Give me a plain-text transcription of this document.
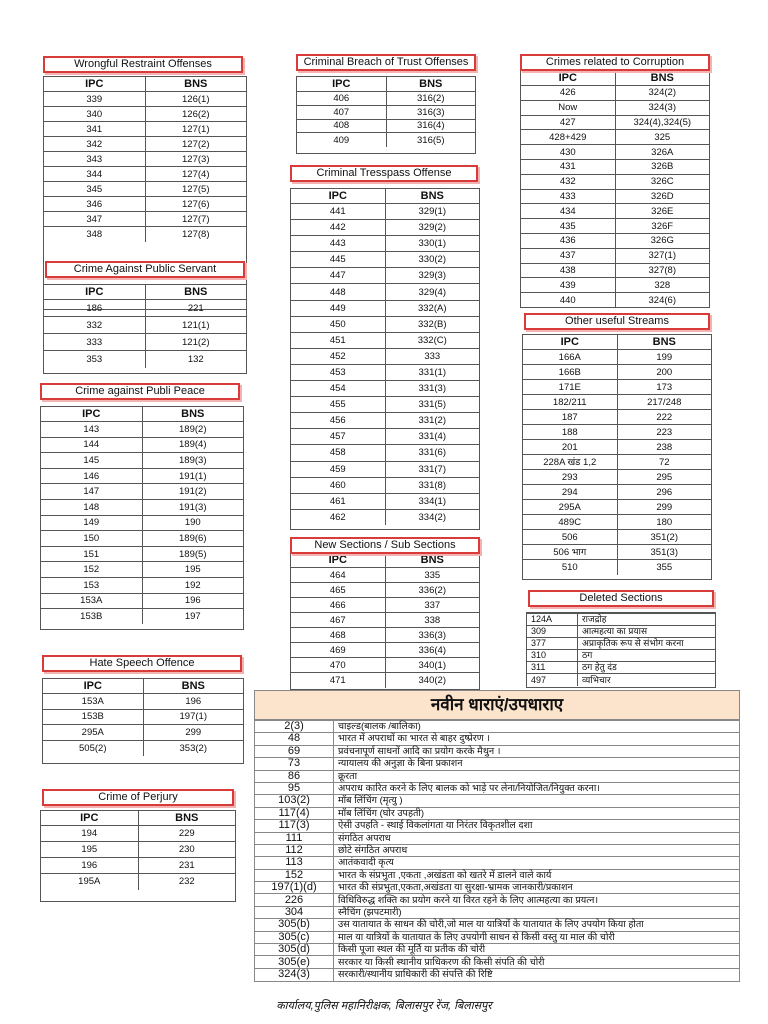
IPC	BNS
339	126(1)
340	126(2)
341	127(1)
342	127(2)
343	127(3)
344	127(4)
345	127(5)
346	127(6)
347	127(7)
348	127(8)
Wrongful Restraint Offenses
IPC	BNS
186	221
332	121(1)
333	121(2)
353	132
Crime Against Public Servant
IPC	BNS
143	189(2)
144	189(4)
145	189(3)
146	191(1)
147	191(2)
148	191(3)
149	190
150	189(6)
151	189(5)
152	195
153	192
153A	196
153B	197
Crime against Publi Peace
IPC	BNS
153A	196
153B	197(1)
295A	299
505(2)	353(2)
Hate Speech Offence
IPC	BNS
194	229
195	230
196	231
195A	232
Crime of Perjury
IPC	BNS
406	316(2)
407	316(3)
408	316(4)
409	316(5)
Criminal Breach of Trust Offenses
IPC	BNS
441	329(1)
442	329(2)
443	330(1)
445	330(2)
447	329(3)
448	329(4)
449	332(A)
450	332(B)
451	332(C)
452	333
453	331(1)
454	331(3)
455	331(5)
456	331(2)
457	331(4)
458	331(6)
459	331(7)
460	331(8)
461	334(1)
462	334(2)
Criminal Tresspass Offense
IPC	BNS
464	335
465	336(2)
466	337
467	338
468	336(3)
469	336(4)
470	340(1)
471	340(2)
New Sections / Sub Sections
IPC	BNS
426	324(2)
Now	324(3)
427	324(4),324(5)
428+429	325
430	326A
431	326B
432	326C
433	326D
434	326E
435	326F
436	326G
437	327(1)
438	327(8)
439	328
440	324(6)
Crimes related to Corruption
IPC	BNS
166A	199
166B	200
171E	173
182/211	217/248
187	222
188	223
201	238
228A खंड 1,2	72
293	295
294	296
295A	299
489C	180
506	351(2)
506 भाग	351(3)
510	355
Other useful Streams
124A	राजद्रोह
309	आत्महत्या का प्रयास
377	अप्राकृतिक रूप से संभोग करना
310	ठग
311	ठग हेतु दंड
497	व्यभिचार
Deleted Sections
नवीन धाराएं/उपधाराए
2(3)	चाइल्ड(बालक /बालिका)
48	भारत में अपराधों का भारत से बाहर दुष्प्रेरण ।
69	प्रवंचनापूर्ण साधनों आदि का प्रयोग करके मैथुन ।
73	न्यायालय की अनुज्ञा के बिना प्रकाशन
86	क्रूरता
95	अपराध कारित करने के लिए बालक को भाड़े पर लेना/नियोजित/नियुक्त करना।
103(2)	मॉब लिंचिंग (मृत्यु )
117(4)	मॉब लिंचिंग (घोर उपहती)
117(3)	ऐसी उपहति - स्थाई विकलांगता या निरंतर विकृतशील दशा
111	संगठित अपराध
112	छोटे संगठित अपराध
113	आतंकवादी कृत्य
152	भारत के संप्रभुता ,एकता ,अखंडता को खतरे में डालने वाले कार्य
197(1)(d)	भारत की संप्रभुता,एकता,अखंडता या सुरक्षा-भ्रामक जानकारी/प्रकाशन
226	विधिविरुद्ध शक्ति का प्रयोग करने या विरत रहने के लिए आत्महत्या का प्रयत्न।
304	स्नैचिंग (झपटमारी)
305(b)	उस यातायात के साधन की चोरी,जो माल या यात्रियों के यातायात के लिए उपयोग किया होता
305(c)	माल या यात्रियों के यातायात के लिए उपयोगी साधन से किसी वस्तु या माल की चोरी
305(d)	किसी पूजा स्थल की मूर्ति या प्रतीक की चोरी
305(e)	सरकार या किसी स्थानीय प्राधिकरण की किसी संपति की चोरी
324(3)	सरकारी/स्थानीय प्राधिकारी की संपत्ति की रिष्टि
कार्यालय,पुलिस महानिरीक्षक, बिलासपुर रेंज, बिलासपुर
